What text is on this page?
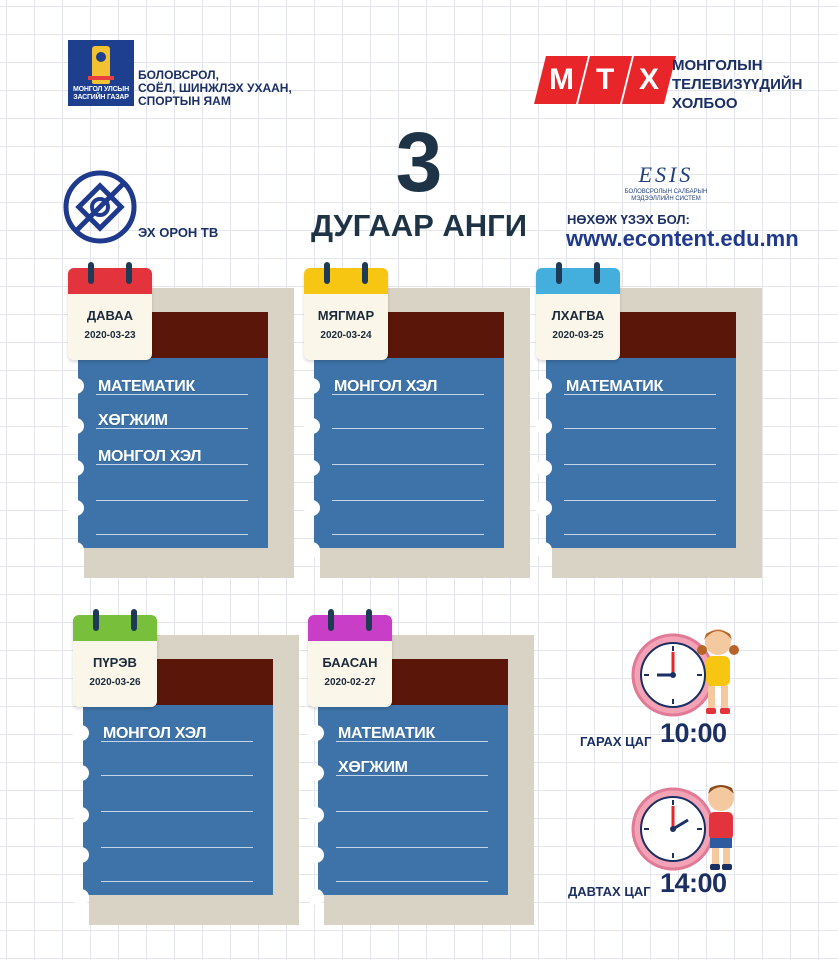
МОНГОЛ УЛСЫН
ЗАСГИЙН ГАЗАР
БОЛОВСРОЛ,
СОЁЛ, ШИНЖЛЭХ УХААН,
СПОРТЫН ЯАМ
М Т Х МОНГОЛЫН
ТЕЛЕВИЗҮҮДИЙН
ХОЛБОО
3
ДУГААР АНГИ
ЭХ ОРОН ТВ
ESIS
БОЛОВСРОЛЫН САЛБАРЫН
МЭДЭЭЛЛИЙН СИСТЕМ
НӨХӨЖ ҮЗЭХ БОЛ:
www.econtent.edu.mn
МАТЕМАТИК
ХӨГЖИМ
МОНГОЛ ХЭЛ
ДАВАА
2020-03-23
МОНГОЛ ХЭЛ
МЯГМАР
2020-03-24
МАТЕМАТИК
ЛХАГВА
2020-03-25
МОНГОЛ ХЭЛ
ПҮРЭВ
2020-03-26
МАТЕМАТИК
ХӨГЖИМ
БААСАН
2020-02-27
ГАРАХ ЦАГ 10:00
ДАВТАХ ЦАГ 14:00
